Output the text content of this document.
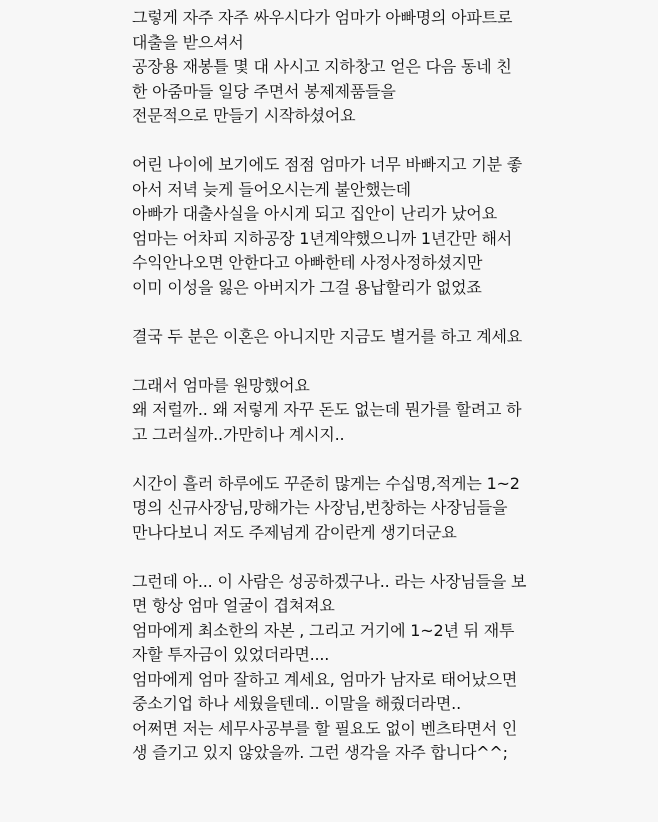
그렇게 자주 자주 싸우시다가 엄마가 아빠명의 아파트로
대출을 받으셔서
공장용 재봉틀 몇 대 사시고 지하창고 얻은 다음 동네 친
한 아줌마들 일당 주면서 봉제제품들을
전문적으로 만들기 시작하셨어요
어린 나이에 보기에도 점점 엄마가 너무 바빠지고 기분 좋
아서 저녁 늦게 들어오시는게 불안했는데
아빠가 대출사실을 아시게 되고 집안이 난리가 났어요
엄마는 어차피 지하공장 1년계약했으니까 1년간만 해서
수익안나오면 안한다고 아빠한테 사정사정하셨지만
이미 이성을 잃은 아버지가 그걸 용납할리가 없었죠
결국 두 분은 이혼은 아니지만 지금도 별거를 하고 계세요
그래서 엄마를 원망했어요
왜 저럴까.. 왜 저렇게 자꾸 돈도 없는데 뭔가를 할려고 하
고 그러실까..가만히나 계시지..
시간이 흘러 하루에도 꾸준히 많게는 수십명,적게는 1~2
명의 신규사장님,망해가는 사장님,번창하는 사장님들을
만나다보니 저도 주제넘게 감이란게 생기더군요
그런데 아... 이 사람은 성공하겠구나.. 라는 사장님들을 보
면 항상 엄마 얼굴이 겹쳐져요
엄마에게 최소한의 자본 , 그리고 거기에 1~2년 뒤 재투
자할 투자금이 있었더라면....
엄마에게 엄마 잘하고 계세요, 엄마가 남자로 태어났으면
중소기업 하나 세웠을텐데.. 이말을 해줬더라면..
어쩌면 저는 세무사공부를 할 필요도 없이 벤츠타면서 인
생 즐기고 있지 않았을까. 그런 생각을 자주 합니다^^;
